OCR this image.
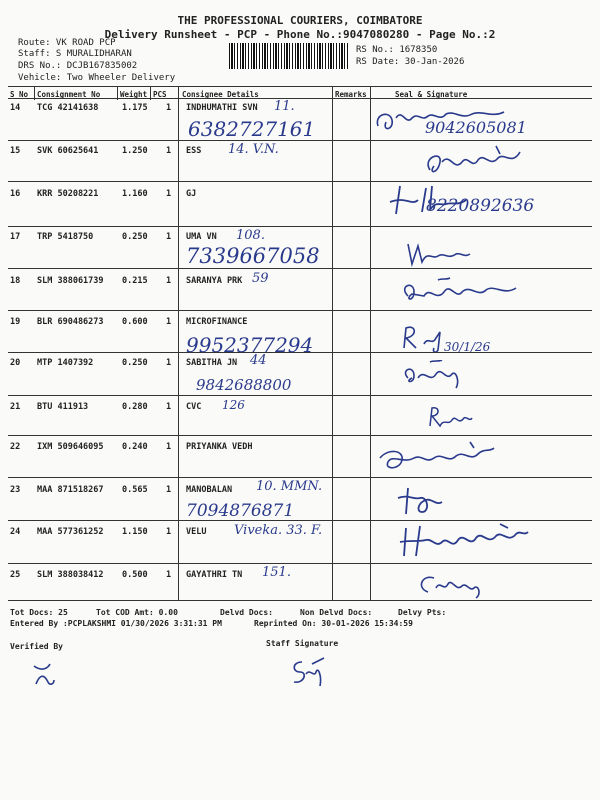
THE PROFESSIONAL COURIERS, COIMBATORE
Delivery Runsheet - PCP - Phone No.:9047080280 - Page No.:2
Route: VK ROAD PCP
Staff: S MURALIDHARAN
DRS No.: DCJB167835002
Vehicle: Two Wheeler Delivery
RS No.: 1678350
RS Date: 30-Jan-2026
S No Consignment No	Weight PCS Consignee Details	Remarks	Seal & Signature
14 TCG 42141638	1.175 1 INDHUMATHI SVN 11.
6382727161	9042605081
15 SVK 60625641	1.250 1 ESS 14. V.N.
16 KRR 50208221	1.160 1 GJ
8220892636
17 TRP 5418750	0.250 1 UMA VN 108.
7339667058
18 SLM 388061739 0.215 1 SARANYA PRK 59
19 BLR 690486273 0.600 1 MICROFINANCE
9952377294	30/1/26
20 MTP 1407392	0.250 1 SABITHA JN 44
9842688800
21 BTU 411913	0.280 1 CVC 126
22 IXM 509646095 0.240 1 PRIYANKA VEDH
23 MAA 871518267 0.565 1 MANOBALAN 10. MMN.
7094876871
24 MAA 577361252 1.150 1 VELU Viveka. 33. F.
25 SLM 388038412 0.500 1 GAYATHRI TN 151.
Tot Docs: 25	Tot COD Amt: 0.00	Delvd Docs:	Non Delvd Docs:	Delvy Pts:
Entered By :PCPLAKSHMI 01/30/2026 3:31:31 PM	Reprinted On: 30-01-2026 15:34:59
Verified By	Staff Signature
